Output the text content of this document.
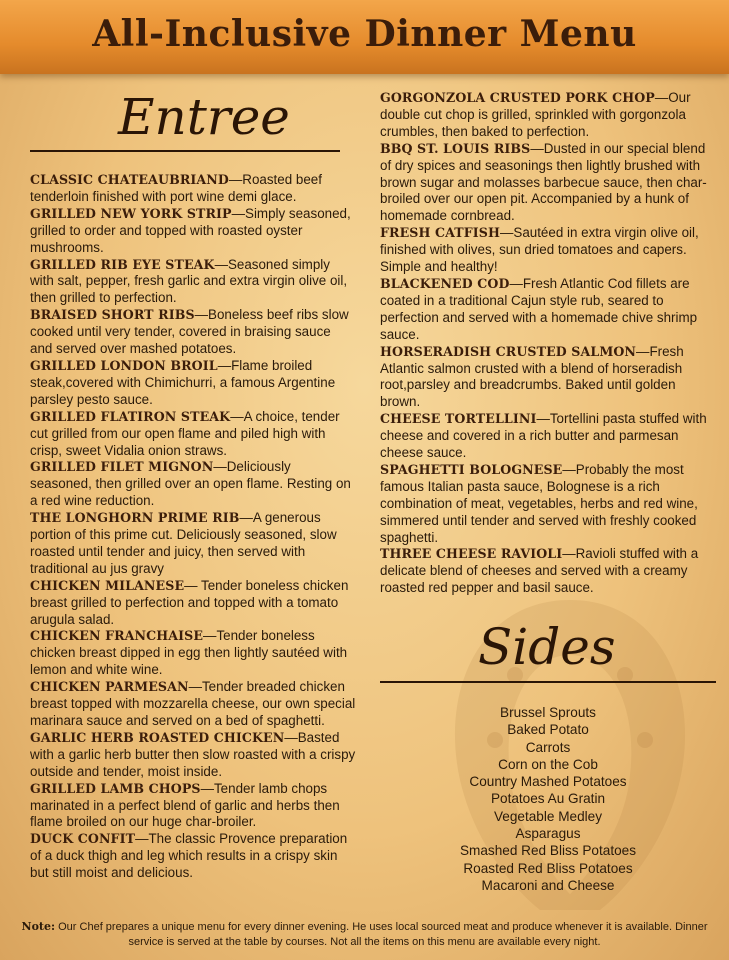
All-Inclusive Dinner Menu
Entree

CLASSIC CHATEAUBRIAND—Roasted beef tenderloin finished with port wine demi glace.

GRILLED NEW YORK STRIP—Simply seasoned, grilled to order and topped with roasted oyster mushrooms.

GRILLED RIB EYE STEAK—Seasoned simply with salt, pepper, fresh garlic and extra virgin olive oil, then grilled to perfection.

BRAISED SHORT RIBS—Boneless beef ribs slow cooked until very tender, covered in braising sauce and served over mashed potatoes.

GRILLED LONDON BROIL—Flame broiled steak,covered with Chimichurri, a famous Argentine parsley pesto sauce.

GRILLED FLATIRON STEAK—A choice, tender cut grilled from our open flame and piled high with crisp, sweet Vidalia onion straws.

GRILLED FILET MIGNON—Deliciously seasoned, then grilled over an open flame. Resting on a red wine reduction.

THE LONGHORN PRIME RIB—A generous portion of this prime cut. Deliciously seasoned, slow roasted until tender and juicy, then served with traditional au jus gravy

CHICKEN MILANESE— Tender boneless chicken breast grilled to perfection and topped with a tomato arugula salad.

CHICKEN FRANCHAISE—Tender boneless chicken breast dipped in egg then lightly sautéed with lemon and white wine.

CHICKEN PARMESAN—Tender breaded chicken breast topped with mozzarella cheese, our own special marinara sauce and served on a bed of spaghetti.

GARLIC HERB ROASTED CHICKEN—Basted with a garlic herb butter then slow roasted with a crispy outside and tender, moist inside.

GRILLED LAMB CHOPS—Tender lamb chops marinated in a perfect blend of garlic and herbs then flame broiled on our huge char-broiler.

DUCK CONFIT—The classic Provence preparation of a duck thigh and leg which results in a crispy skin but still moist and delicious.

GORGONZOLA CRUSTED PORK CHOP—Our double cut chop is grilled, sprinkled with gorgonzola crumbles, then baked to perfection.

BBQ ST. LOUIS RIBS—Dusted in our special blend of dry spices and seasonings then lightly brushed with brown sugar and molasses barbecue sauce, then char-broiled over our open pit. Accompanied by a hunk of homemade cornbread.

FRESH CATFISH—Sautéed in extra virgin olive oil, finished with olives, sun dried tomatoes and capers. Simple and healthy!

BLACKENED COD—Fresh Atlantic Cod fillets are coated in a traditional Cajun style rub, seared to perfection and served with a homemade chive shrimp sauce.

HORSERADISH CRUSTED SALMON—Fresh Atlantic salmon crusted with a blend of horseradish root,parsley and breadcrumbs. Baked until golden brown.

CHEESE TORTELLINI—Tortellini pasta stuffed with cheese and covered in a rich butter and parmesan cheese sauce.

SPAGHETTI BOLOGNESE—Probably the most famous Italian pasta sauce, Bolognese is a rich combination of meat, vegetables, herbs and red wine, simmered until tender and served with freshly cooked spaghetti.

THREE CHEESE RAVIOLI—Ravioli stuffed with a delicate blend of cheeses and served with a creamy roasted red pepper and basil sauce.

Sides
Brussel Sprouts
Baked Potato
Carrots
Corn on the Cob
Country Mashed Potatoes
Potatoes Au Gratin
Vegetable Medley
Asparagus
Smashed Red Bliss Potatoes
Roasted Red Bliss Potatoes
Macaroni and Cheese
Note: Our Chef prepares a unique menu for every dinner evening. He uses local sourced meat and produce whenever it is available. Dinner service is served at the table by courses. Not all the items on this menu are available every night.
